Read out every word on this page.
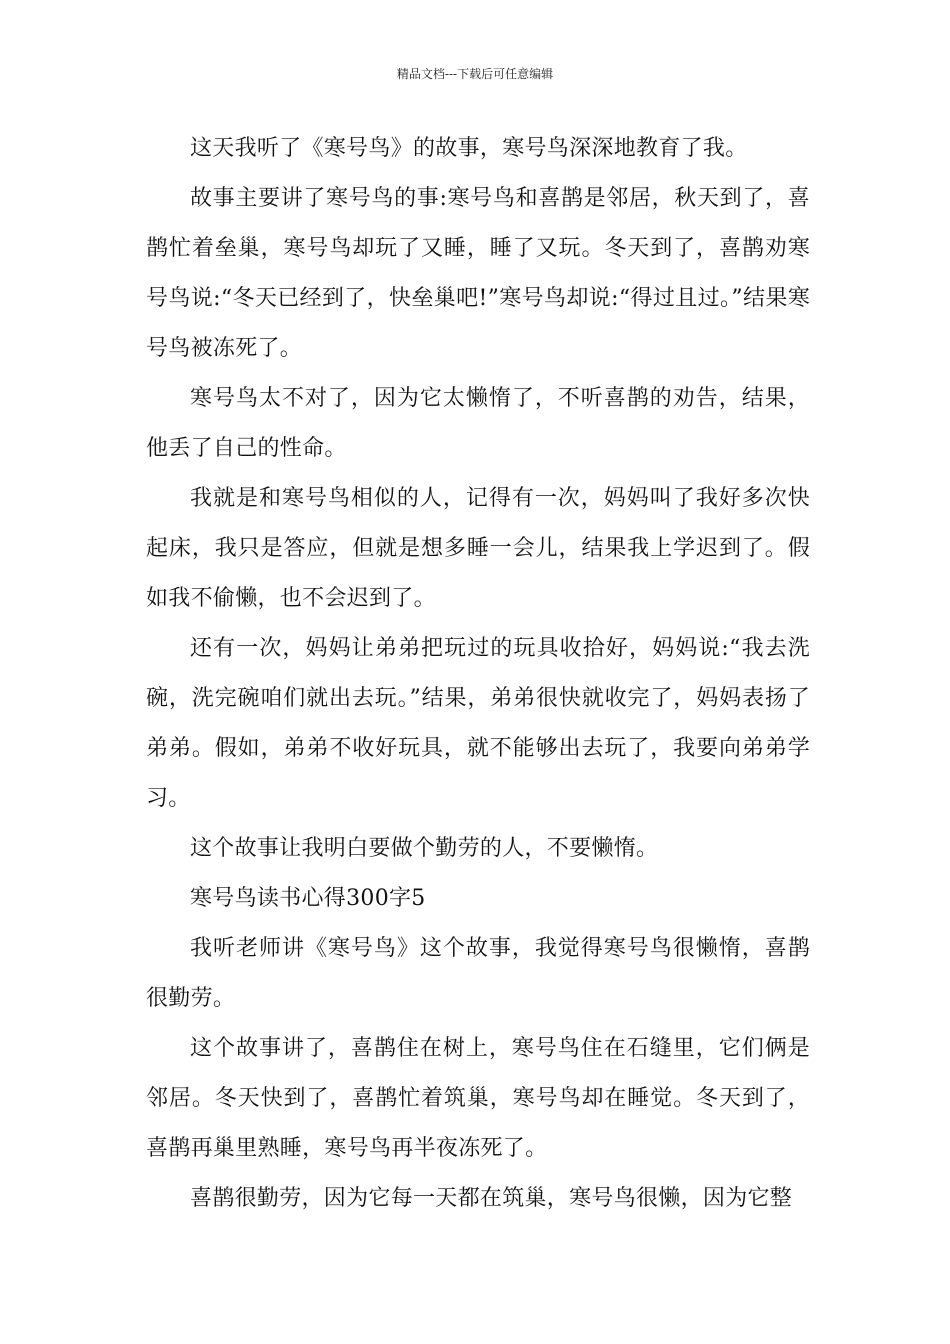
精品文档---下载后可任意编辑

这天我听了《寒号鸟》的故事，寒号鸟深深地教育了我。

故事主要讲了寒号鸟的事:寒号鸟和喜鹊是邻居，秋天到了，喜鹊忙着垒巢，寒号鸟却玩了又睡，睡了又玩。冬天到了，喜鹊劝寒号鸟说:“冬天已经到了，快垒巢吧!”寒号鸟却说:“得过且过。”结果寒号鸟被冻死了。

寒号鸟太不对了，因为它太懒惰了，不听喜鹊的劝告，结果，他丢了自己的性命。

我就是和寒号鸟相似的人，记得有一次，妈妈叫了我好多次快起床，我只是答应，但就是想多睡一会儿，结果我上学迟到了。假如我不偷懒，也不会迟到了。

还有一次，妈妈让弟弟把玩过的玩具收拾好，妈妈说:“我去洗碗，洗完碗咱们就出去玩。”结果，弟弟很快就收完了，妈妈表扬了弟弟。假如，弟弟不收好玩具，就不能够出去玩了，我要向弟弟学习。

这个故事让我明白要做个勤劳的人，不要懒惰。

寒号鸟读书心得300字5

我听老师讲《寒号鸟》这个故事，我觉得寒号鸟很懒惰，喜鹊很勤劳。

这个故事讲了，喜鹊住在树上，寒号鸟住在石缝里，它们俩是邻居。冬天快到了，喜鹊忙着筑巢，寒号鸟却在睡觉。冬天到了，喜鹊再巢里熟睡，寒号鸟再半夜冻死了。

喜鹊很勤劳，因为它每一天都在筑巢，寒号鸟很懒，因为它整
